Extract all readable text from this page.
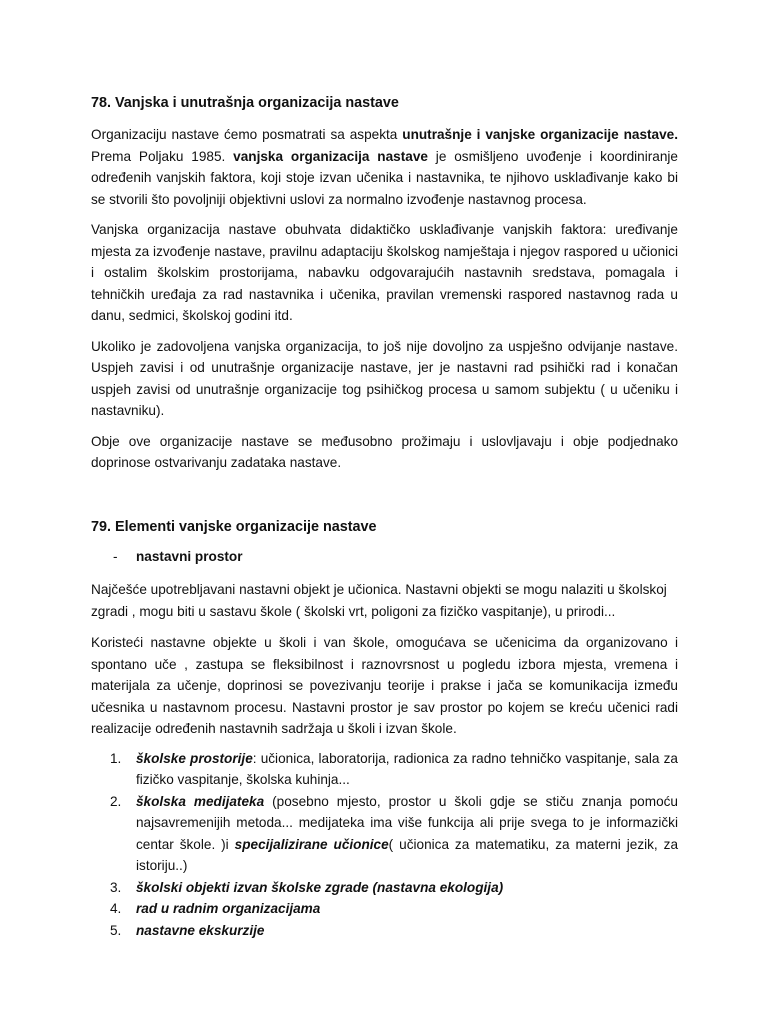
78. Vanjska i unutrašnja organizacija nastave

Organizaciju nastave ćemo posmatrati sa aspekta unutrašnje i vanjske organizacije nastave. Prema Poljaku 1985. vanjska organizacija nastave je osmišljeno uvođenje i koordiniranje određenih vanjskih faktora, koji stoje izvan učenika i nastavnika, te njihovo usklađivanje kako bi se stvorili što povoljniji objektivni uslovi za normalno izvođenje nastavnog procesa.

Vanjska organizacija nastave obuhvata didaktičko usklađivanje vanjskih faktora: uređivanje mjesta za izvođenje nastave, pravilnu adaptaciju školskog namještaja i njegov raspored u učionici i ostalim školskim prostorijama, nabavku odgovarajućih nastavnih sredstava, pomagala i tehničkih uređaja za rad nastavnika i učenika, pravilan vremenski raspored nastavnog rada u danu, sedmici, školskoj godini itd.

Ukoliko je zadovoljena vanjska organizacija, to još nije dovoljno za uspješno odvijanje nastave. Uspjeh zavisi i od unutrašnje organizacije nastave, jer je nastavni rad psihički rad i konačan uspjeh zavisi od unutrašnje organizacije tog psihičkog procesa u samom subjektu ( u učeniku i nastavniku).

Obje ove organizacije nastave se međusobno prožimaju i uslovljavaju i obje podjednako doprinose ostvarivanju zadataka nastave.

79. Elementi vanjske organizacije nastave
-	nastavni prostor

Najčešće upotrebljavani nastavni objekt je učionica. Nastavni objekti se mogu nalaziti u školskoj zgradi , mogu biti u sastavu škole ( školski vrt, poligoni za fizičko vaspitanje), u prirodi...

Koristeći nastavne objekte u školi i van škole, omogućava se učenicima da organizovano i spontano uče , zastupa se fleksibilnost i raznovrsnost u pogledu izbora mjesta, vremena i materijala za učenje, doprinosi se povezivanju teorije i prakse i jača se komunikacija između učesnika u nastavnom procesu. Nastavni prostor je sav prostor po kojem se kreću učenici radi realizacije određenih nastavnih sadržaja u školi i izvan škole.

1.	školske prostorije: učionica, laboratorija, radionica za radno tehničko vaspitanje, sala za fizičko vaspitanje, školska kuhinja...
2.	školska medijateka (posebno mjesto, prostor u školi gdje se stiču znanja pomoću najsavremenijih metoda... medijateka ima više funkcija ali prije svega to je informazički centar škole. )i specijalizirane učionice( učionica za matematiku, za materni jezik, za istoriju..)
3.	školski objekti izvan školske zgrade (nastavna ekologija)
4.	rad u radnim organizacijama
5.	nastavne ekskurzije
